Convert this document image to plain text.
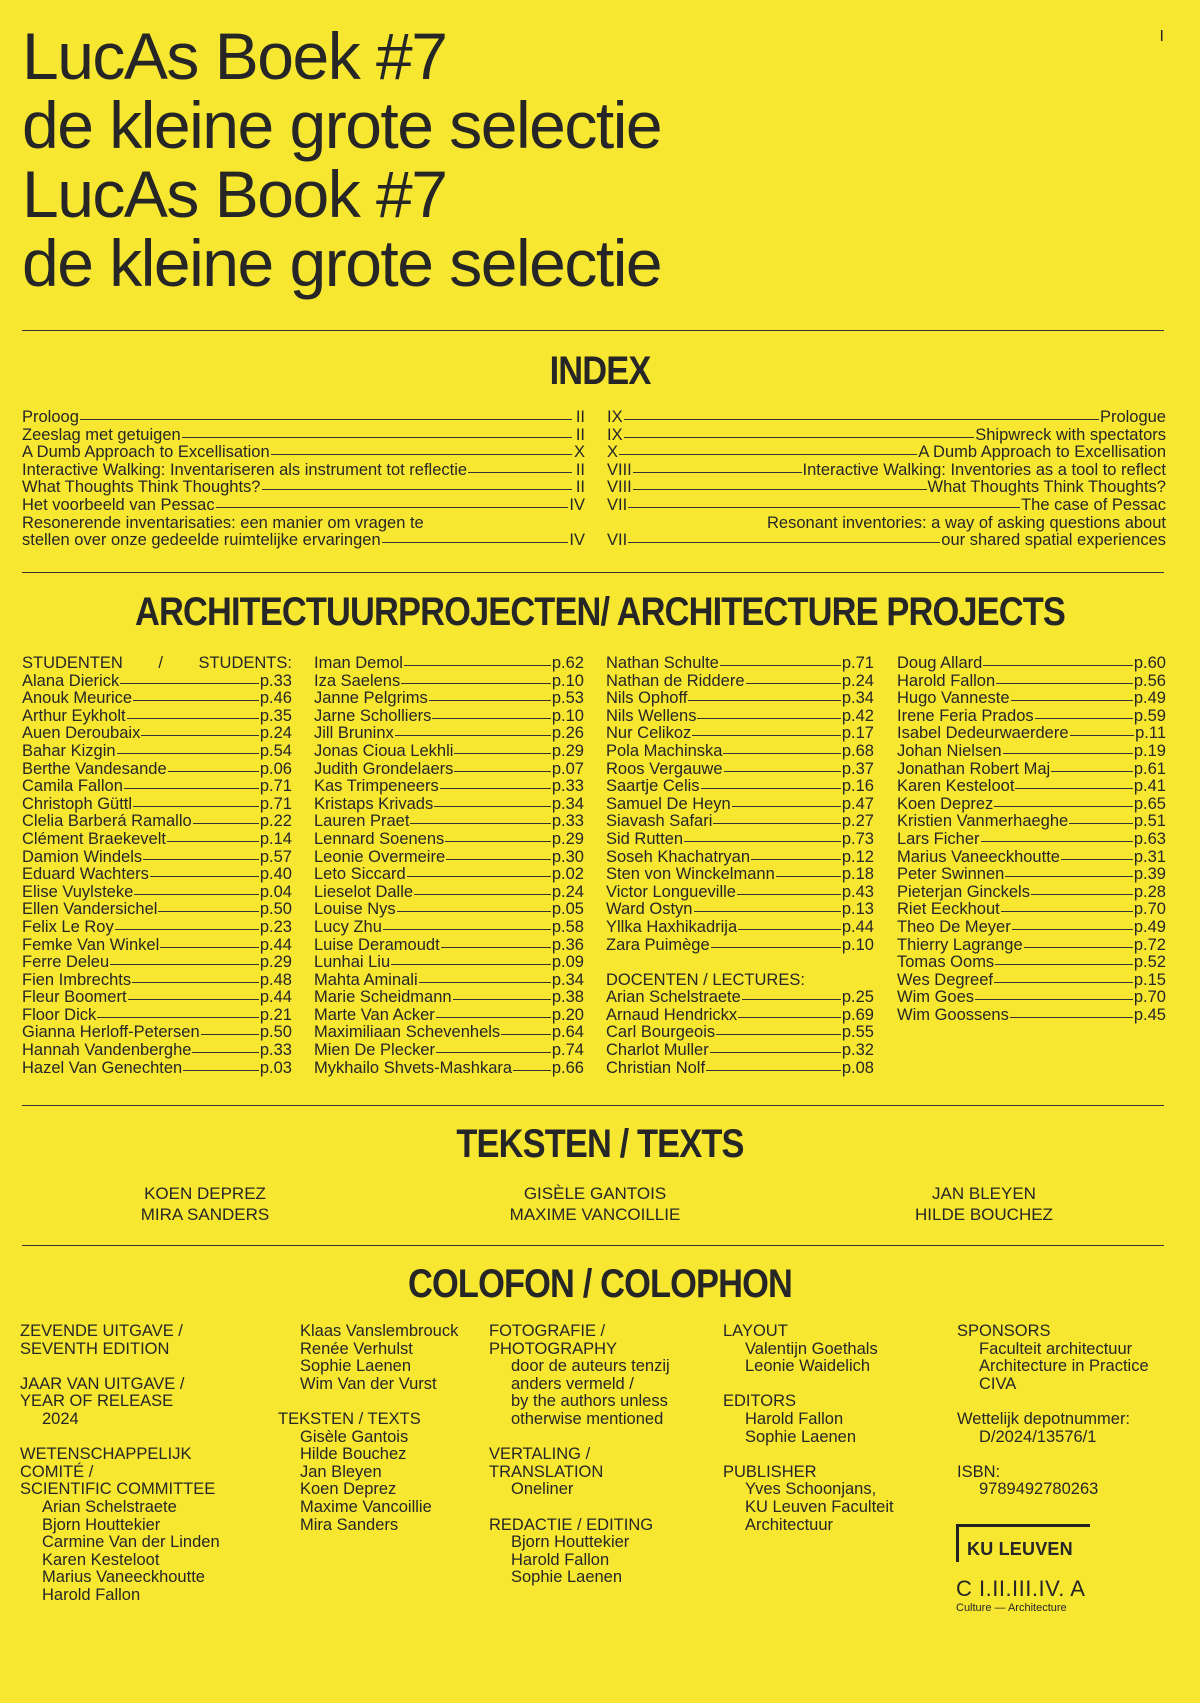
I
LucAs Boek #7
de kleine grote selectie
LucAs Book #7
de kleine grote selectie
INDEX
Proloog	II
Zeeslag met getuigen	II
A Dumb Approach to Excellisation	X
Interactive Walking: Inventariseren als instrument tot reflectie	II
What Thoughts Think Thoughts?	II
Het voorbeeld van Pessac	IV
Resonerende inventarisaties: een manier om vragen te
stellen over onze gedeelde ruimtelijke ervaringen	IV
IX	Prologue
IX	Shipwreck with spectators
X	A Dumb Approach to Excellisation
VIII	Interactive Walking: Inventories as a tool to reflect
VIII	What Thoughts Think Thoughts?
VII	The case of Pessac
Resonant inventories: a way of asking questions about
VII	our shared spatial experiences
ARCHITECTUURPROJECTEN/ ARCHITECTURE PROJECTS
STUDENTEN / STUDENTS:
Alana Dierick	p.33
Anouk Meurice	p.46
Arthur Eykholt	p.35
Auen Deroubaix	p.24
Bahar Kizgin	p.54
Berthe Vandesande	p.06
Camila Fallon	p.71
Christoph Güttl	p.71
Clelia Barberá Ramallo	p.22
Clément Braekevelt	p.14
Damion Windels	p.57
Eduard Wachters	p.40
Elise Vuylsteke	p.04
Ellen Vandersichel	p.50
Felix Le Roy	p.23
Femke Van Winkel	p.44
Ferre Deleu	p.29
Fien Imbrechts	p.48
Fleur Boomert	p.44
Floor Dick	p.21
Gianna Herloff-Petersen	p.50
Hannah Vandenberghe	p.33
Hazel Van Genechten	p.03
Iman Demol	p.62
Iza Saelens	p.10
Janne Pelgrims	p.53
Jarne Scholliers	p.10
Jill Bruninx	p.26
Jonas Cioua Lekhli	p.29
Judith Grondelaers	p.07
Kas Trimpeneers	p.33
Kristaps Krivads	p.34
Lauren Praet	p.33
Lennard Soenens	p.29
Leonie Overmeire	p.30
Leto Siccard	p.02
Lieselot Dalle	p.24
Louise Nys	p.05
Lucy Zhu	p.58
Luise Deramoudt	p.36
Lunhai Liu	p.09
Mahta Aminali	p.34
Marie Scheidmann	p.38
Marte Van Acker	p.20
Maximiliaan Schevenhels	p.64
Mien De Plecker	p.74
Mykhailo Shvets-Mashkara p.66
Nathan Schulte	p.71
Nathan de Riddere	p.24
Nils Ophoff	p.34
Nils Wellens	p.42
Nur Celikoz	p.17
Pola Machinska	p.68
Roos Vergauwe	p.37
Saartje Celis	p.16
Samuel De Heyn	p.47
Siavash Safari	p.27
Sid Rutten	p.73
Soseh Khachatryan	p.12
Sten von Winckelmann	p.18
Victor Longueville	p.43
Ward Ostyn	p.13
Yllka Haxhikadrija	p.44
Zara Puimège	p.10
DOCENTEN / LECTURES:
Arian Schelstraete	p.25
Arnaud Hendrickx	p.69
Carl Bourgeois	p.55
Charlot Muller	p.32
Christian Nolf	p.08
Doug Allard	p.60
Harold Fallon	p.56
Hugo Vanneste	p.49
Irene Feria Prados	p.59
Isabel Dedeurwaerdere	p.11
Johan Nielsen	p.19
Jonathan Robert Maj	p.61
Karen Kesteloot	p.41
Koen Deprez	p.65
Kristien Vanmerhaeghe	p.51
Lars Ficher	p.63
Marius Vaneeckhoutte	p.31
Peter Swinnen	p.39
Pieterjan Ginckels	p.28
Riet Eeckhout	p.70
Theo De Meyer	p.49
Thierry Lagrange	p.72
Tomas Ooms	p.52
Wes Degreef	p.15
Wim Goes	p.70
Wim Goossens	p.45
TEKSTEN / TEXTS
KOEN DEPREZ
MIRA SANDERS
GISÈLE GANTOIS
MAXIME VANCOILLIE
JAN BLEYEN
HILDE BOUCHEZ
COLOFON / COLOPHON
ZEVENDE UITGAVE /
SEVENTH EDITION
JAAR VAN UITGAVE /
YEAR OF RELEASE
2024
WETENSCHAPPELIJK
COMITÉ /
SCIENTIFIC COMMITTEE
Arian Schelstraete
Bjorn Houttekier
Carmine Van der Linden
Karen Kesteloot
Marius Vaneeckhoutte
Harold Fallon
Klaas Vanslembrouck
Renée Verhulst
Sophie Laenen
Wim Van der Vurst
TEKSTEN / TEXTS
Gisèle Gantois
Hilde Bouchez
Jan Bleyen
Koen Deprez
Maxime Vancoillie
Mira Sanders
FOTOGRAFIE /
PHOTOGRAPHY
door de auteurs tenzij
anders vermeld /
by the authors unless
otherwise mentioned
VERTALING /
TRANSLATION
Oneliner
REDACTIE / EDITING
Bjorn Houttekier
Harold Fallon
Sophie Laenen
LAYOUT
Valentijn Goethals
Leonie Waidelich
EDITORS
Harold Fallon
Sophie Laenen
PUBLISHER
Yves Schoonjans,
KU Leuven Faculteit
Architectuur
SPONSORS
Faculteit architectuur
Architecture in Practice
CIVA
Wettelijk depotnummer:
D/2024/13576/1
ISBN:
9789492780263
KU LEUVEN
C I.II.III.IV. A
Culture — Architecture
